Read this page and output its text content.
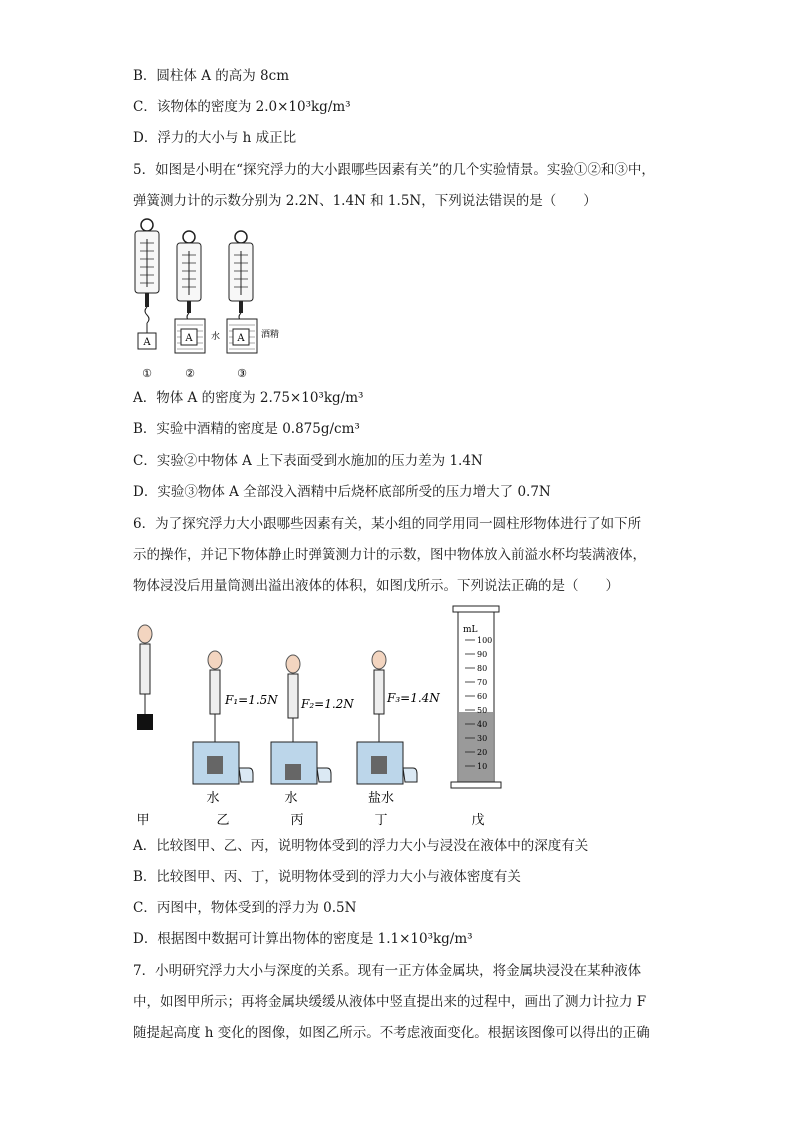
B．圆柱体 A 的高为 8cm
C．该物体的密度为 2.0×10³kg/m³
D．浮力的大小与 h 成正比
5．如图是小明在“探究浮力的大小跟哪些因素有关”的几个实验情景。实验①②和③中，
弹簧测力计的示数分别为 2.2N、1.4N 和 1.5N，下列说法错误的是（　　）
A	A 水 A 酒精
①	②	③
A．物体 A 的密度为 2.75×10³kg/m³
B．实验中酒精的密度是 0.875g/cm³
C．实验②中物体 A 上下表面受到水施加的压力差为 1.4N
D．实验③物体 A 全部没入酒精中后烧杯底部所受的压力增大了 0.7N
6．为了探究浮力大小跟哪些因素有关，某小组的同学用同一圆柱形物体进行了如下所
示的操作，并记下物体静止时弹簧测力计的示数，图中物体放入前溢水杯均装满液体，
物体浸没后用量筒测出溢出液体的体积，如图戊所示。下列说法正确的是（　　）
F₁=1.5N
水
F₂=1.2N
水
F₃=1.4N
盐水
mL
100
90
80
70
60
50
40
30
20
10
甲	乙	丙	丁	戊
A．比较图甲、乙、丙，说明物体受到的浮力大小与浸没在液体中的深度有关
B．比较图甲、丙、丁，说明物体受到的浮力大小与液体密度有关
C．丙图中，物体受到的浮力为 0.5N
D．根据图中数据可计算出物体的密度是 1.1×10³kg/m³
7．小明研究浮力大小与深度的关系。现有一正方体金属块，将金属块浸没在某种液体
中，如图甲所示；再将金属块缓缓从液体中竖直提出来的过程中，画出了测力计拉力 F
随提起高度 h 变化的图像，如图乙所示。不考虑液面变化。根据该图像可以得出的正确
